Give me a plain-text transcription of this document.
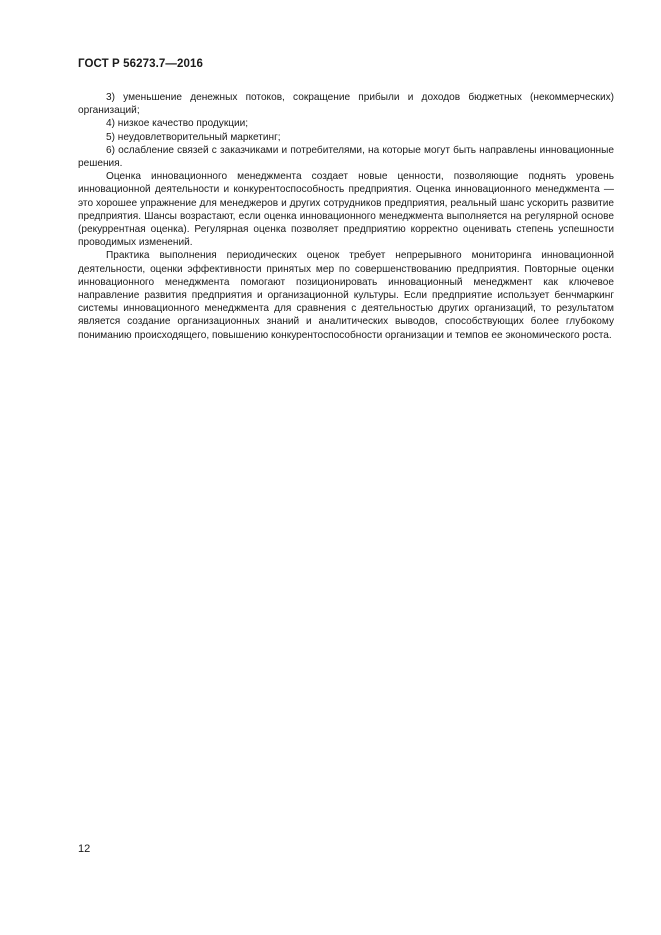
ГОСТ Р 56273.7—2016

3) уменьшение денежных потоков, сокращение прибыли и доходов бюджетных (некоммерческих) организаций;

4) низкое качество продукции;

5) неудовлетворительный маркетинг;

6) ослабление связей с заказчиками и потребителями, на которые могут быть направлены инновационные решения.

Оценка инновационного менеджмента создает новые ценности, позволяющие поднять уровень инновационной деятельности и конкурентоспособность предприятия. Оценка инновационного менеджмента — это хорошее упражнение для менеджеров и других сотрудников предприятия, реальный шанс ускорить развитие предприятия. Шансы возрастают, если оценка инновационного менеджмента выполняется на регулярной основе (рекуррентная оценка). Регулярная оценка позволяет предприятию корректно оценивать степень успешности проводимых изменений.

Практика выполнения периодических оценок требует непрерывного мониторинга инновационной деятельности, оценки эффективности принятых мер по совершенствованию предприятия. Повторные оценки инновационного менеджмента помогают позиционировать инновационный менеджмент как ключевое направление развития предприятия и организационной культуры. Если предприятие использует бенчмаркинг системы инновационного менеджмента для сравнения с деятельностью других организаций, то результатом является создание организационных знаний и аналитических выводов, способствующих более глубокому пониманию происходящего, повышению конкурентоспособности организации и темпов ее экономического роста.

12
